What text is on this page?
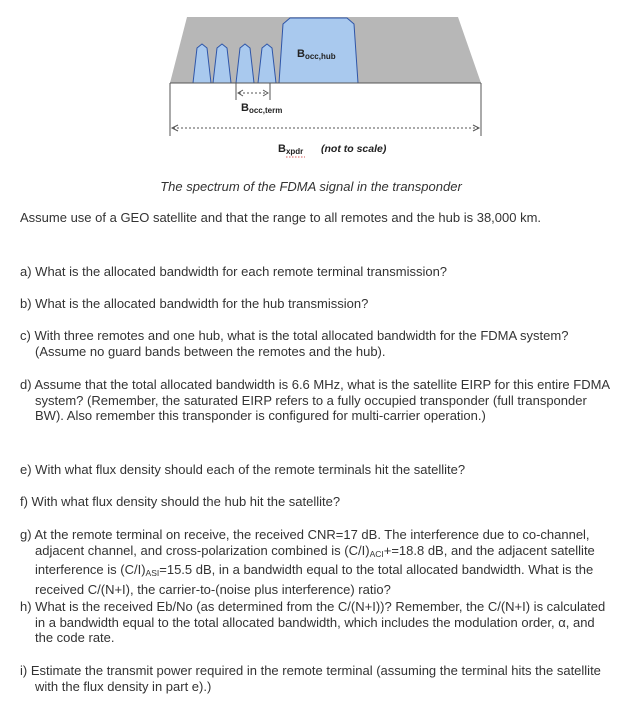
Bocc,hub
Bocc,term
Bxpdr (not to scale)
The spectrum of the FDMA signal in the transponder
Assume use of a GEO satellite and that the range to all remotes and the hub is 38,000 km.
a) What is the allocated bandwidth for each remote terminal transmission?
b) What is the allocated bandwidth for the hub transmission?
c) With three remotes and one hub, what is the total allocated bandwidth for the FDMA system? (Assume no guard bands between the remotes and the hub).
d) Assume that the total allocated bandwidth is 6.6 MHz, what is the satellite EIRP for this entire FDMA system? (Remember, the saturated EIRP refers to a fully occupied transponder (full transponder BW). Also remember this transponder is configured for multi-carrier operation.)
e) With what flux density should each of the remote terminals hit the satellite?
f) With what flux density should the hub hit the satellite?
g) At the remote terminal on receive, the received CNR=17 dB. The interference due to co-channel, adjacent channel, and cross-polarization combined is $(C/I)_{ACI}+=18.8$ dB, and the adjacent satellite interference is $(C/I)_{ASI}=15.5$ dB, in a bandwidth equal to the total allocated bandwidth. What is the received C/(N+I), the carrier-to-(noise plus interference) ratio?
h) What is the received Eb/No (as determined from the C/(N+I))? Remember, the C/(N+I) is calculated in a bandwidth equal to the total allocated bandwidth, which includes the modulation order, α, and the code rate.
i) Estimate the transmit power required in the remote terminal (assuming the terminal hits the satellite with the flux density in part e).)
